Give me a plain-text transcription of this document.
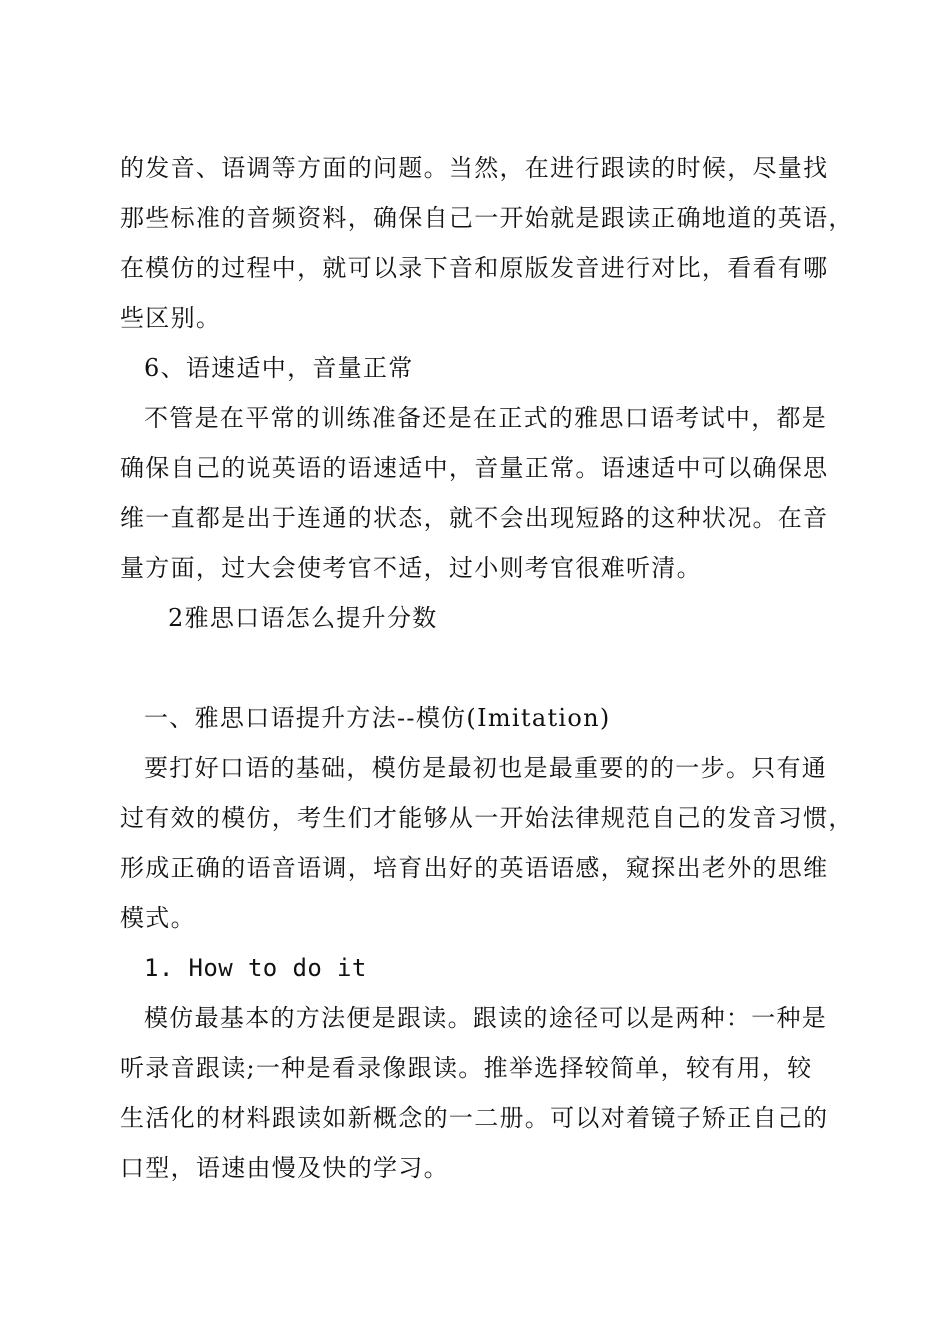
的发音、语调等方面的问题。当然，在进行跟读的时候，尽量找
那些标准的音频资料，确保自己一开始就是跟读正确地道的英语，
在模仿的过程中，就可以录下音和原版发音进行对比，看看有哪
些区别。
6、语速适中，音量正常
不管是在平常的训练准备还是在正式的雅思口语考试中，都是
确保自己的说英语的语速适中，音量正常。语速适中可以确保思
维一直都是出于连通的状态，就不会出现短路的这种状况。在音
量方面，过大会使考官不适，过小则考官很难听清。
2雅思口语怎么提升分数
一、雅思口语提升方法--模仿(Imitation)
要打好口语的基础，模仿是最初也是最重要的的一步。只有通
过有效的模仿，考生们才能够从一开始法律规范自己的发音习惯，
形成正确的语音语调，培育出好的英语语感，窥探出老外的思维
模式。
1. How to do it
模仿最基本的方法便是跟读。跟读的途径可以是两种：一种是
听录音跟读;一种是看录像跟读。推举选择较简单，较有用，较
生活化的材料跟读如新概念的一二册。可以对着镜子矫正自己的
口型，语速由慢及快的学习。
